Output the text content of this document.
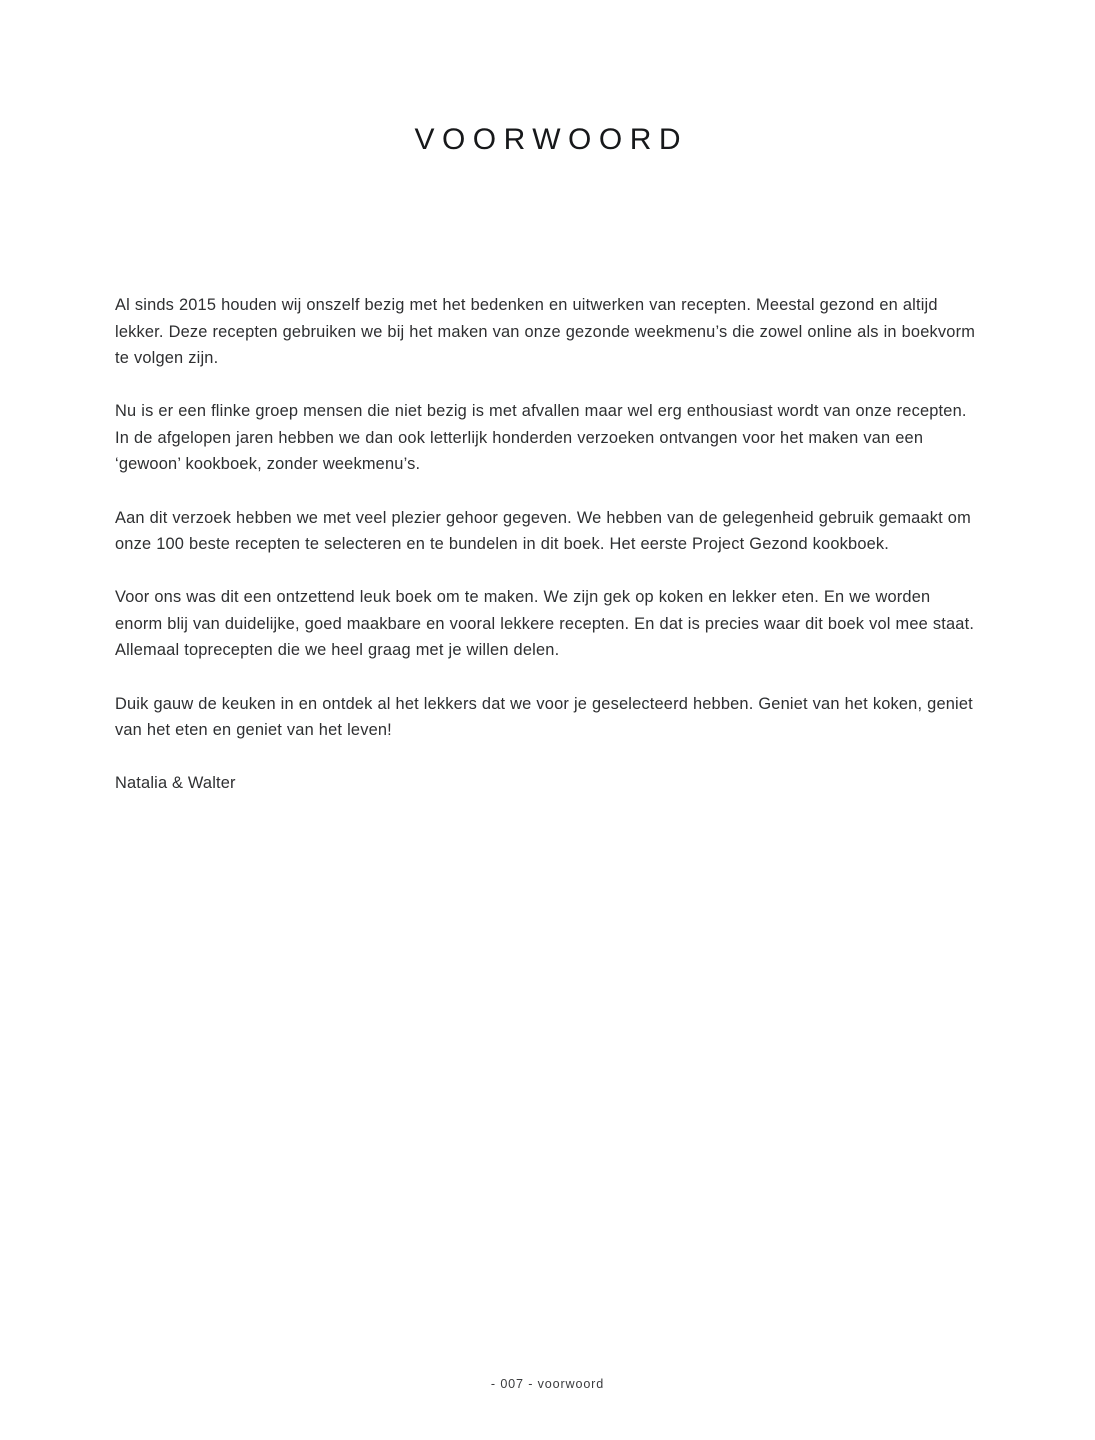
VOORWOORD

Al sinds 2015 houden wij onszelf bezig met het bedenken en uitwerken van recepten. Meestal gezond en altijd lekker. Deze recepten gebruiken we bij het maken van onze gezonde weekmenu’s die zowel online als in boekvorm te volgen zijn.

Nu is er een flinke groep mensen die niet bezig is met afvallen maar wel erg enthousiast wordt van onze recepten. In de afgelopen jaren hebben we dan ook letterlijk honderden verzoeken ontvangen voor het maken van een ‘gewoon’ kookboek, zonder weekmenu’s.

Aan dit verzoek hebben we met veel plezier gehoor gegeven. We hebben van de gelegenheid gebruik gemaakt om onze 100 beste recepten te selecteren en te bundelen in dit boek. Het eerste Project Gezond kookboek.

Voor ons was dit een ontzettend leuk boek om te maken. We zijn gek op koken en lekker eten. En we worden enorm blij van duidelijke, goed maakbare en vooral lekkere recepten. En dat is precies waar dit boek vol mee staat. Allemaal toprecepten die we heel graag met je willen delen.

Duik gauw de keuken in en ontdek al het lekkers dat we voor je geselecteerd hebben. Geniet van het koken, geniet van het eten en geniet van het leven!

Natalia & Walter

- 007 - voorwoord
